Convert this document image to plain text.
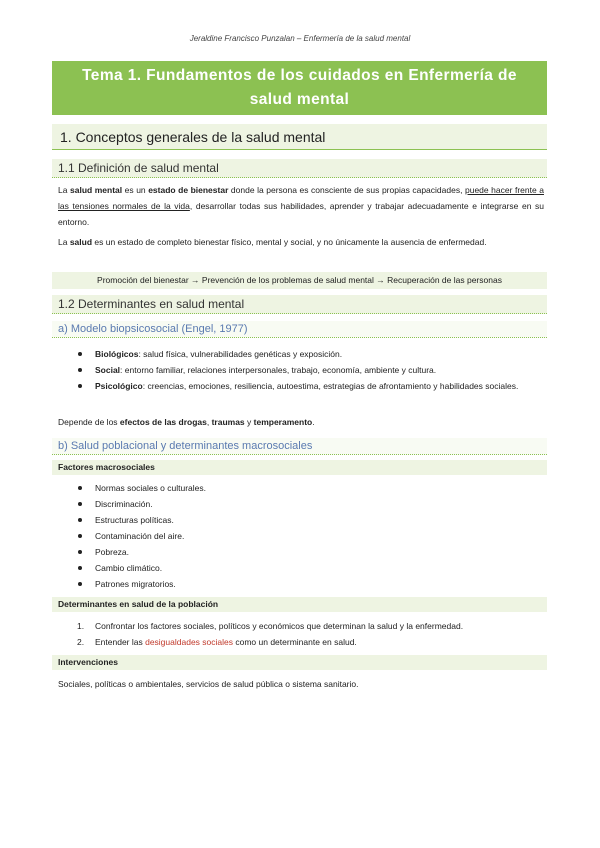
Jeraldine Francisco Punzalan – Enfermería de la salud mental
Tema 1. Fundamentos de los cuidados en Enfermería de salud mental
1. Conceptos generales de la salud mental
1.1 Definición de salud mental
La salud mental es un estado de bienestar donde la persona es consciente de sus propias capacidades, puede hacer frente a las tensiones normales de la vida, desarrollar todas sus habilidades, aprender y trabajar adecuadamente e integrarse en su entorno.
La salud es un estado de completo bienestar físico, mental y social, y no únicamente la ausencia de enfermedad.
Promoción del bienestar → Prevención de los problemas de salud mental → Recuperación de las personas
1.2 Determinantes en salud mental
a) Modelo biopsicosocial (Engel, 1977)
Biológicos: salud física, vulnerabilidades genéticas y exposición.
Social: entorno familiar, relaciones interpersonales, trabajo, economía, ambiente y cultura.
Psicológico: creencias, emociones, resiliencia, autoestima, estrategias de afrontamiento y habilidades sociales.
Depende de los efectos de las drogas, traumas y temperamento.
b) Salud poblacional y determinantes macrosociales
Factores macrosociales
Normas sociales o culturales.
Discriminación.
Estructuras políticas.
Contaminación del aire.
Pobreza.
Cambio climático.
Patrones migratorios.
Determinantes en salud de la población
1. Confrontar los factores sociales, políticos y económicos que determinan la salud y la enfermedad.
2. Entender las desigualdades sociales como un determinante en salud.
Intervenciones
Sociales, políticas o ambientales, servicios de salud pública o sistema sanitario.
